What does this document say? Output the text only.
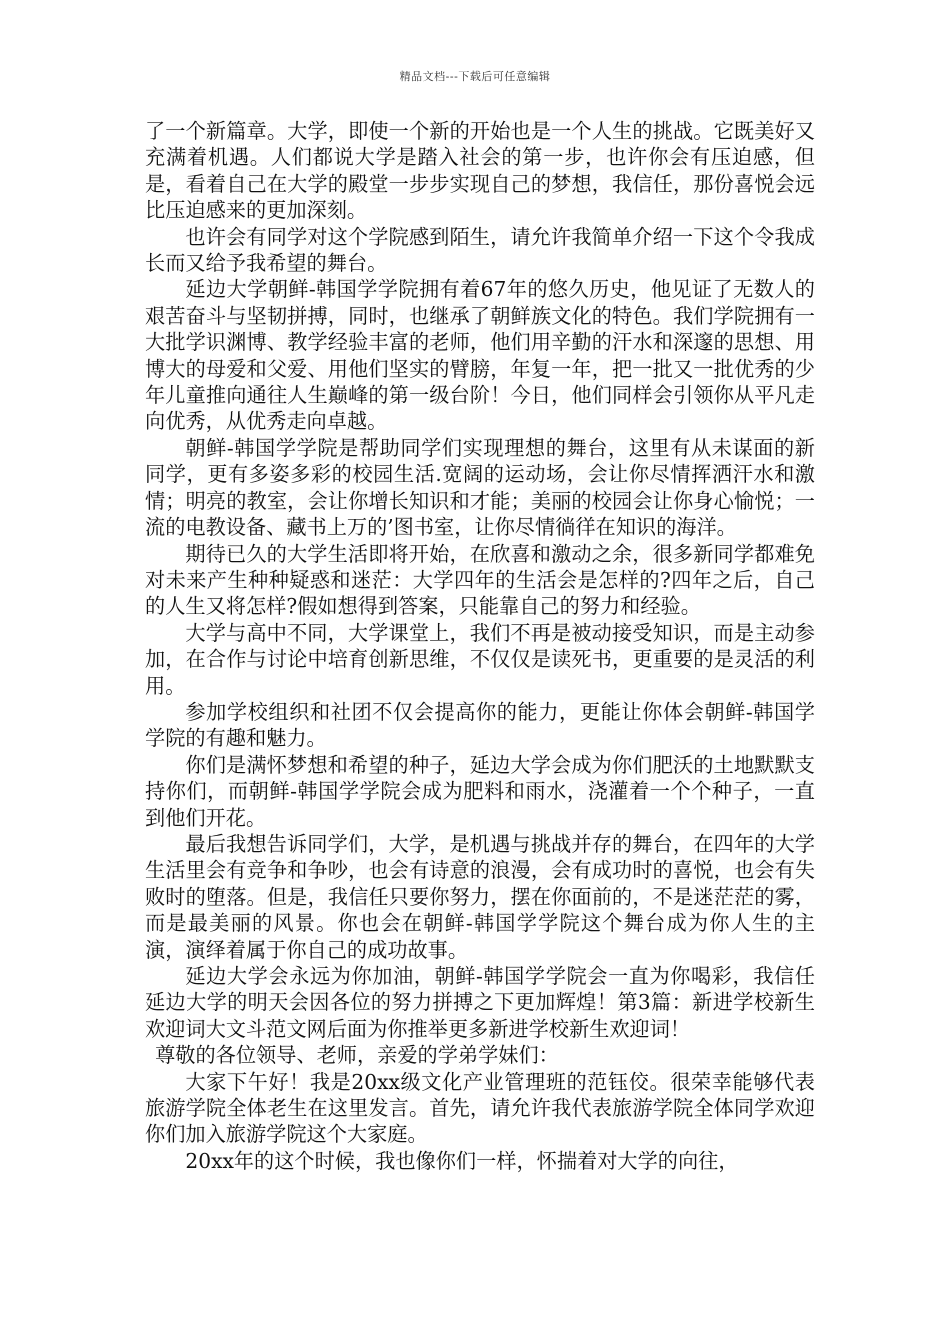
精品文档---下载后可任意编辑

了一个新篇章。大学，即使一个新的开始也是一个人生的挑战。它既美好又充满着机遇。人们都说大学是踏入社会的第一步，也许你会有压迫感，但是，看着自己在大学的殿堂一步步实现自己的梦想，我信任，那份喜悦会远比压迫感来的更加深刻。

也许会有同学对这个学院感到陌生，请允许我简单介绍一下这个令我成长而又给予我希望的舞台。

延边大学朝鲜-韩国学学院拥有着67年的悠久历史，他见证了无数人的艰苦奋斗与坚韧拼搏，同时，也继承了朝鲜族文化的特色。我们学院拥有一大批学识渊博、教学经验丰富的老师，他们用辛勤的汗水和深邃的思想、用博大的母爱和父爱、用他们坚实的臂膀，年复一年，把一批又一批优秀的少年儿童推向通往人生巅峰的第一级台阶！今日，他们同样会引领你从平凡走向优秀，从优秀走向卓越。

朝鲜-韩国学学院是帮助同学们实现理想的舞台，这里有从未谋面的新同学，更有多姿多彩的校园生活.宽阔的运动场，会让你尽情挥洒汗水和激情；明亮的教室，会让你增长知识和才能；美丽的校园会让你身心愉悦；一流的电教设备、藏书上万的’图书室，让你尽情徜徉在知识的海洋。

期待已久的大学生活即将开始，在欣喜和激动之余，很多新同学都难免对未来产生种种疑惑和迷茫：大学四年的生活会是怎样的?四年之后，自己的人生又将怎样?假如想得到答案，只能靠自己的努力和经验。

大学与高中不同，大学课堂上，我们不再是被动接受知识，而是主动参加，在合作与讨论中培育创新思维，不仅仅是读死书，更重要的是灵活的利用。

参加学校组织和社团不仅会提高你的能力，更能让你体会朝鲜-韩国学学院的有趣和魅力。

你们是满怀梦想和希望的种子，延边大学会成为你们肥沃的土地默默支持你们，而朝鲜-韩国学学院会成为肥料和雨水，浇灌着一个个种子，一直到他们开花。

最后我想告诉同学们，大学，是机遇与挑战并存的舞台，在四年的大学生活里会有竞争和争吵，也会有诗意的浪漫，会有成功时的喜悦，也会有失败时的堕落。但是，我信任只要你努力，摆在你面前的，不是迷茫茫的雾，而是最美丽的风景。你也会在朝鲜-韩国学学院这个舞台成为你人生的主演，演绎着属于你自己的成功故事。

延边大学会永远为你加油，朝鲜-韩国学学院会一直为你喝彩，我信任延边大学的明天会因各位的努力拼搏之下更加辉煌！第3篇：新进学校新生欢迎词大文斗范文网后面为你推举更多新进学校新生欢迎词！

尊敬的各位领导、老师，亲爱的学弟学妹们：

大家下午好！我是20xx级文化产业管理班的范钰佼。很荣幸能够代表旅游学院全体老生在这里发言。首先，请允许我代表旅游学院全体同学欢迎你们加入旅游学院这个大家庭。

20xx年的这个时候，我也像你们一样，怀揣着对大学的向往，
